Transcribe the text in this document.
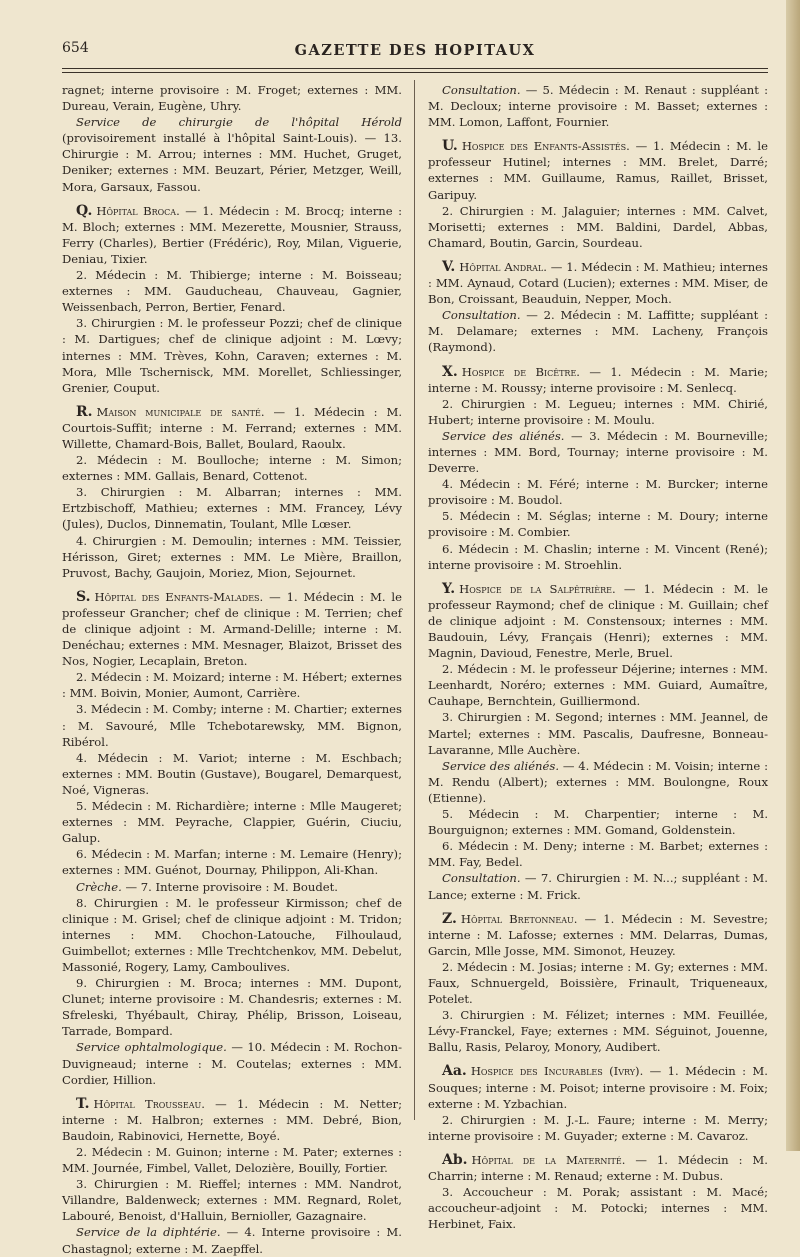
654	GAZETTE DES HOPITAUX

ragnet; interne provisoire : M. Froget; externes : MM. Dureau, Verain, Eugène, Uhry.

Service de chirurgie de l'hôpital Hérold (provisoirement installé à l'hôpital Saint-Louis). — 13. Chirurgie : M. Arrou; internes : MM. Huchet, Gruget, Deniker; externes : MM. Beuzart, Périer, Metzger, Weill, Mora, Garsaux, Fassou.

Q. Hôpital Broca. — 1. Médecin : M. Brocq; interne : M. Bloch; externes : MM. Mezerette, Mousnier, Strauss, Ferry (Charles), Bertier (Frédéric), Roy, Milan, Viguerie, Deniau, Tixier.

2. Médecin : M. Thibierge; interne : M. Boisseau; externes : MM. Gauducheau, Chauveau, Gagnier, Weissenbach, Perron, Bertier, Fenard.

3. Chirurgien : M. le professeur Pozzi; chef de clinique : M. Dartigues; chef de clinique adjoint : M. Lœvy; internes : MM. Trèves, Kohn, Caraven; externes : M. Mora, Mlle Tschernisck, MM. Morellet, Schliessinger, Grenier, Couput.

R. Maison municipale de santé. — 1. Médecin : M. Courtois-Suffit; interne : M. Ferrand; externes : MM. Willette, Chamard-Bois, Ballet, Boulard, Raoulx.

2. Médecin : M. Boulloche; interne : M. Simon; externes : MM. Gallais, Benard, Cottenot.

3. Chirurgien : M. Albarran; internes : MM. Ertzbischoff, Mathieu; externes : MM. Francey, Lévy (Jules), Duclos, Dinnematin, Toulant, Mlle Lœser.

4. Chirurgien : M. Demoulin; internes : MM. Teissier, Hérisson, Giret; externes : MM. Le Mière, Braillon, Pruvost, Bachy, Gaujoin, Moriez, Mion, Sejournet.

S. Hôpital des Enfants-Malades. — 1. Médecin : M. le professeur Grancher; chef de clinique : M. Terrien; chef de clinique adjoint : M. Armand-Delille; interne : M. Denéchau; externes : MM. Mesnager, Blaizot, Brisset des Nos, Nogier, Lecaplain, Breton.

2. Médecin : M. Moizard; interne : M. Hébert; externes : MM. Boivin, Monier, Aumont, Carrière.

3. Médecin : M. Comby; interne : M. Chartier; externes : M. Savouré, Mlle Tchebotarewsky, MM. Bignon, Ribérol.

4. Médecin : M. Variot; interne : M. Eschbach; externes : MM. Boutin (Gustave), Bougarel, Demarquest, Noé, Vigneras.

5. Médecin : M. Richardière; interne : Mlle Maugeret; externes : MM. Peyrache, Clappier, Guérin, Ciuciu, Galup.

6. Médecin : M. Marfan; interne : M. Lemaire (Henry); externes : MM. Guénot, Dournay, Philippon, Ali-Khan.

Crèche. — 7. Interne provisoire : M. Boudet.

8. Chirurgien : M. le professeur Kirmisson; chef de clinique : M. Grisel; chef de clinique adjoint : M. Tridon; internes : MM. Chochon-Latouche, Filhoulaud, Guimbellot; externes : Mlle Trechtchenkov, MM. Debelut, Massonié, Rogery, Lamy, Camboulives.

9. Chirurgien : M. Broca; internes : MM. Dupont, Clunet; interne provisoire : M. Chandesris; externes : M. Sfreleski, Thyébault, Chiray, Phélip, Brisson, Loiseau, Tarrade, Bompard.

Service ophtalmologique. — 10. Médecin : M. Rochon-Duvigneaud; interne : M. Coutelas; externes : MM. Cordier, Hillion.

T. Hôpital Trousseau. — 1. Médecin : M. Netter; interne : M. Halbron; externes : MM. Debré, Bion, Baudoin, Rabinovici, Hernette, Boyé.

2. Médecin : M. Guinon; interne : M. Pater; externes : MM. Journée, Fimbel, Vallet, Delozière, Bouilly, Fortier.

3. Chirurgien : M. Rieffel; internes : MM. Nandrot, Villandre, Baldenweck; externes : MM. Regnard, Rolet, Labouré, Benoist, d'Halluin, Bernioller, Gazagnaire.

Service de la diphtérie. — 4. Interne provisoire : M. Chastagnol; externe : M. Zaepffel.

Consultation. — 5. Médecin : M. Renaut : suppléant : M. Decloux; interne provisoire : M. Basset; externes : MM. Lomon, Laffont, Fournier.

U. Hospice des Enfants-Assistés. — 1. Médecin : M. le professeur Hutinel; internes : MM. Brelet, Darré; externes : MM. Guillaume, Ramus, Raillet, Brisset, Garipuy.

2. Chirurgien : M. Jalaguier; internes : MM. Calvet, Morisetti; externes : MM. Baldini, Dardel, Abbas, Chamard, Boutin, Garcin, Sourdeau.

V. Hôpital Andral. — 1. Médecin : M. Mathieu; internes : MM. Aynaud, Cotard (Lucien); externes : MM. Miser, de Bon, Croissant, Beauduin, Nepper, Moch.

Consultation. — 2. Médecin : M. Laffitte; suppléant : M. Delamare; externes : MM. Lacheny, François (Raymond).

X. Hospice de Bicêtre. — 1. Médecin : M. Marie; interne : M. Roussy; interne provisoire : M. Senlecq.

2. Chirurgien : M. Legueu; internes : MM. Chirié, Hubert; interne provisoire : M. Moulu.

Service des aliénés. — 3. Médecin : M. Bourneville; internes : MM. Bord, Tournay; interne provisoire : M. Deverre.

4. Médecin : M. Féré; interne : M. Burcker; interne provisoire : M. Boudol.

5. Médecin : M. Séglas; interne : M. Doury; interne provisoire : M. Combier.

6. Médecin : M. Chaslin; interne : M. Vincent (René); interne provisoire : M. Stroehlin.

Y. Hospice de la Salpêtrière. — 1. Médecin : M. le professeur Raymond; chef de clinique : M. Guillain; chef de clinique adjoint : M. Constensoux; internes : MM. Baudouin, Lévy, Français (Henri); externes : MM. Magnin, Davioud, Fenestre, Merle, Bruel.

2. Médecin : M. le professeur Déjerine; internes : MM. Leenhardt, Noréro; externes : MM. Guiard, Aumaître, Cauhape, Bernchtein, Guilliermond.

3. Chirurgien : M. Segond; internes : MM. Jeannel, de Martel; externes : MM. Pascalis, Daufresne, Bonneau-Lavaranne, Mlle Auchère.

Service des aliénés. — 4. Médecin : M. Voisin; interne : M. Rendu (Albert); externes : MM. Boulongne, Roux (Etienne).

5. Médecin : M. Charpentier; interne : M. Bourguignon; externes : MM. Gomand, Goldenstein.

6. Médecin : M. Deny; interne : M. Barbet; externes : MM. Fay, Bedel.

Consultation. — 7. Chirurgien : M. N...; suppléant : M. Lance; externe : M. Frick.

Z. Hôpital Bretonneau. — 1. Médecin : M. Sevestre; interne : M. Lafosse; externes : MM. Delarras, Dumas, Garcin, Mlle Josse, MM. Simonot, Heuzey.

2. Médecin : M. Josias; interne : M. Gy; externes : MM. Faux, Schnuergeld, Boissière, Frinault, Triqueneaux, Potelet.

3. Chirurgien : M. Félizet; internes : MM. Feuillée, Lévy-Franckel, Faye; externes : MM. Séguinot, Jouenne, Ballu, Rasis, Pelaroy, Monory, Audibert.

Aa. Hospice des Incurables (Ivry). — 1. Médecin : M. Souques; interne : M. Poisot; interne provisoire : M. Foix; externe : M. Yzbachian.

2. Chirurgien : M. J.-L. Faure; interne : M. Merry; interne provisoire : M. Guyader; externe : M. Cavaroz.

Ab. Hôpital de la Maternité. — 1. Médecin : M. Charrin; interne : M. Renaud; externe : M. Dubus.

3. Accoucheur : M. Porak; assistant : M. Macé; accoucheur-adjoint : M. Potocki; internes : MM. Herbinet, Faix.
